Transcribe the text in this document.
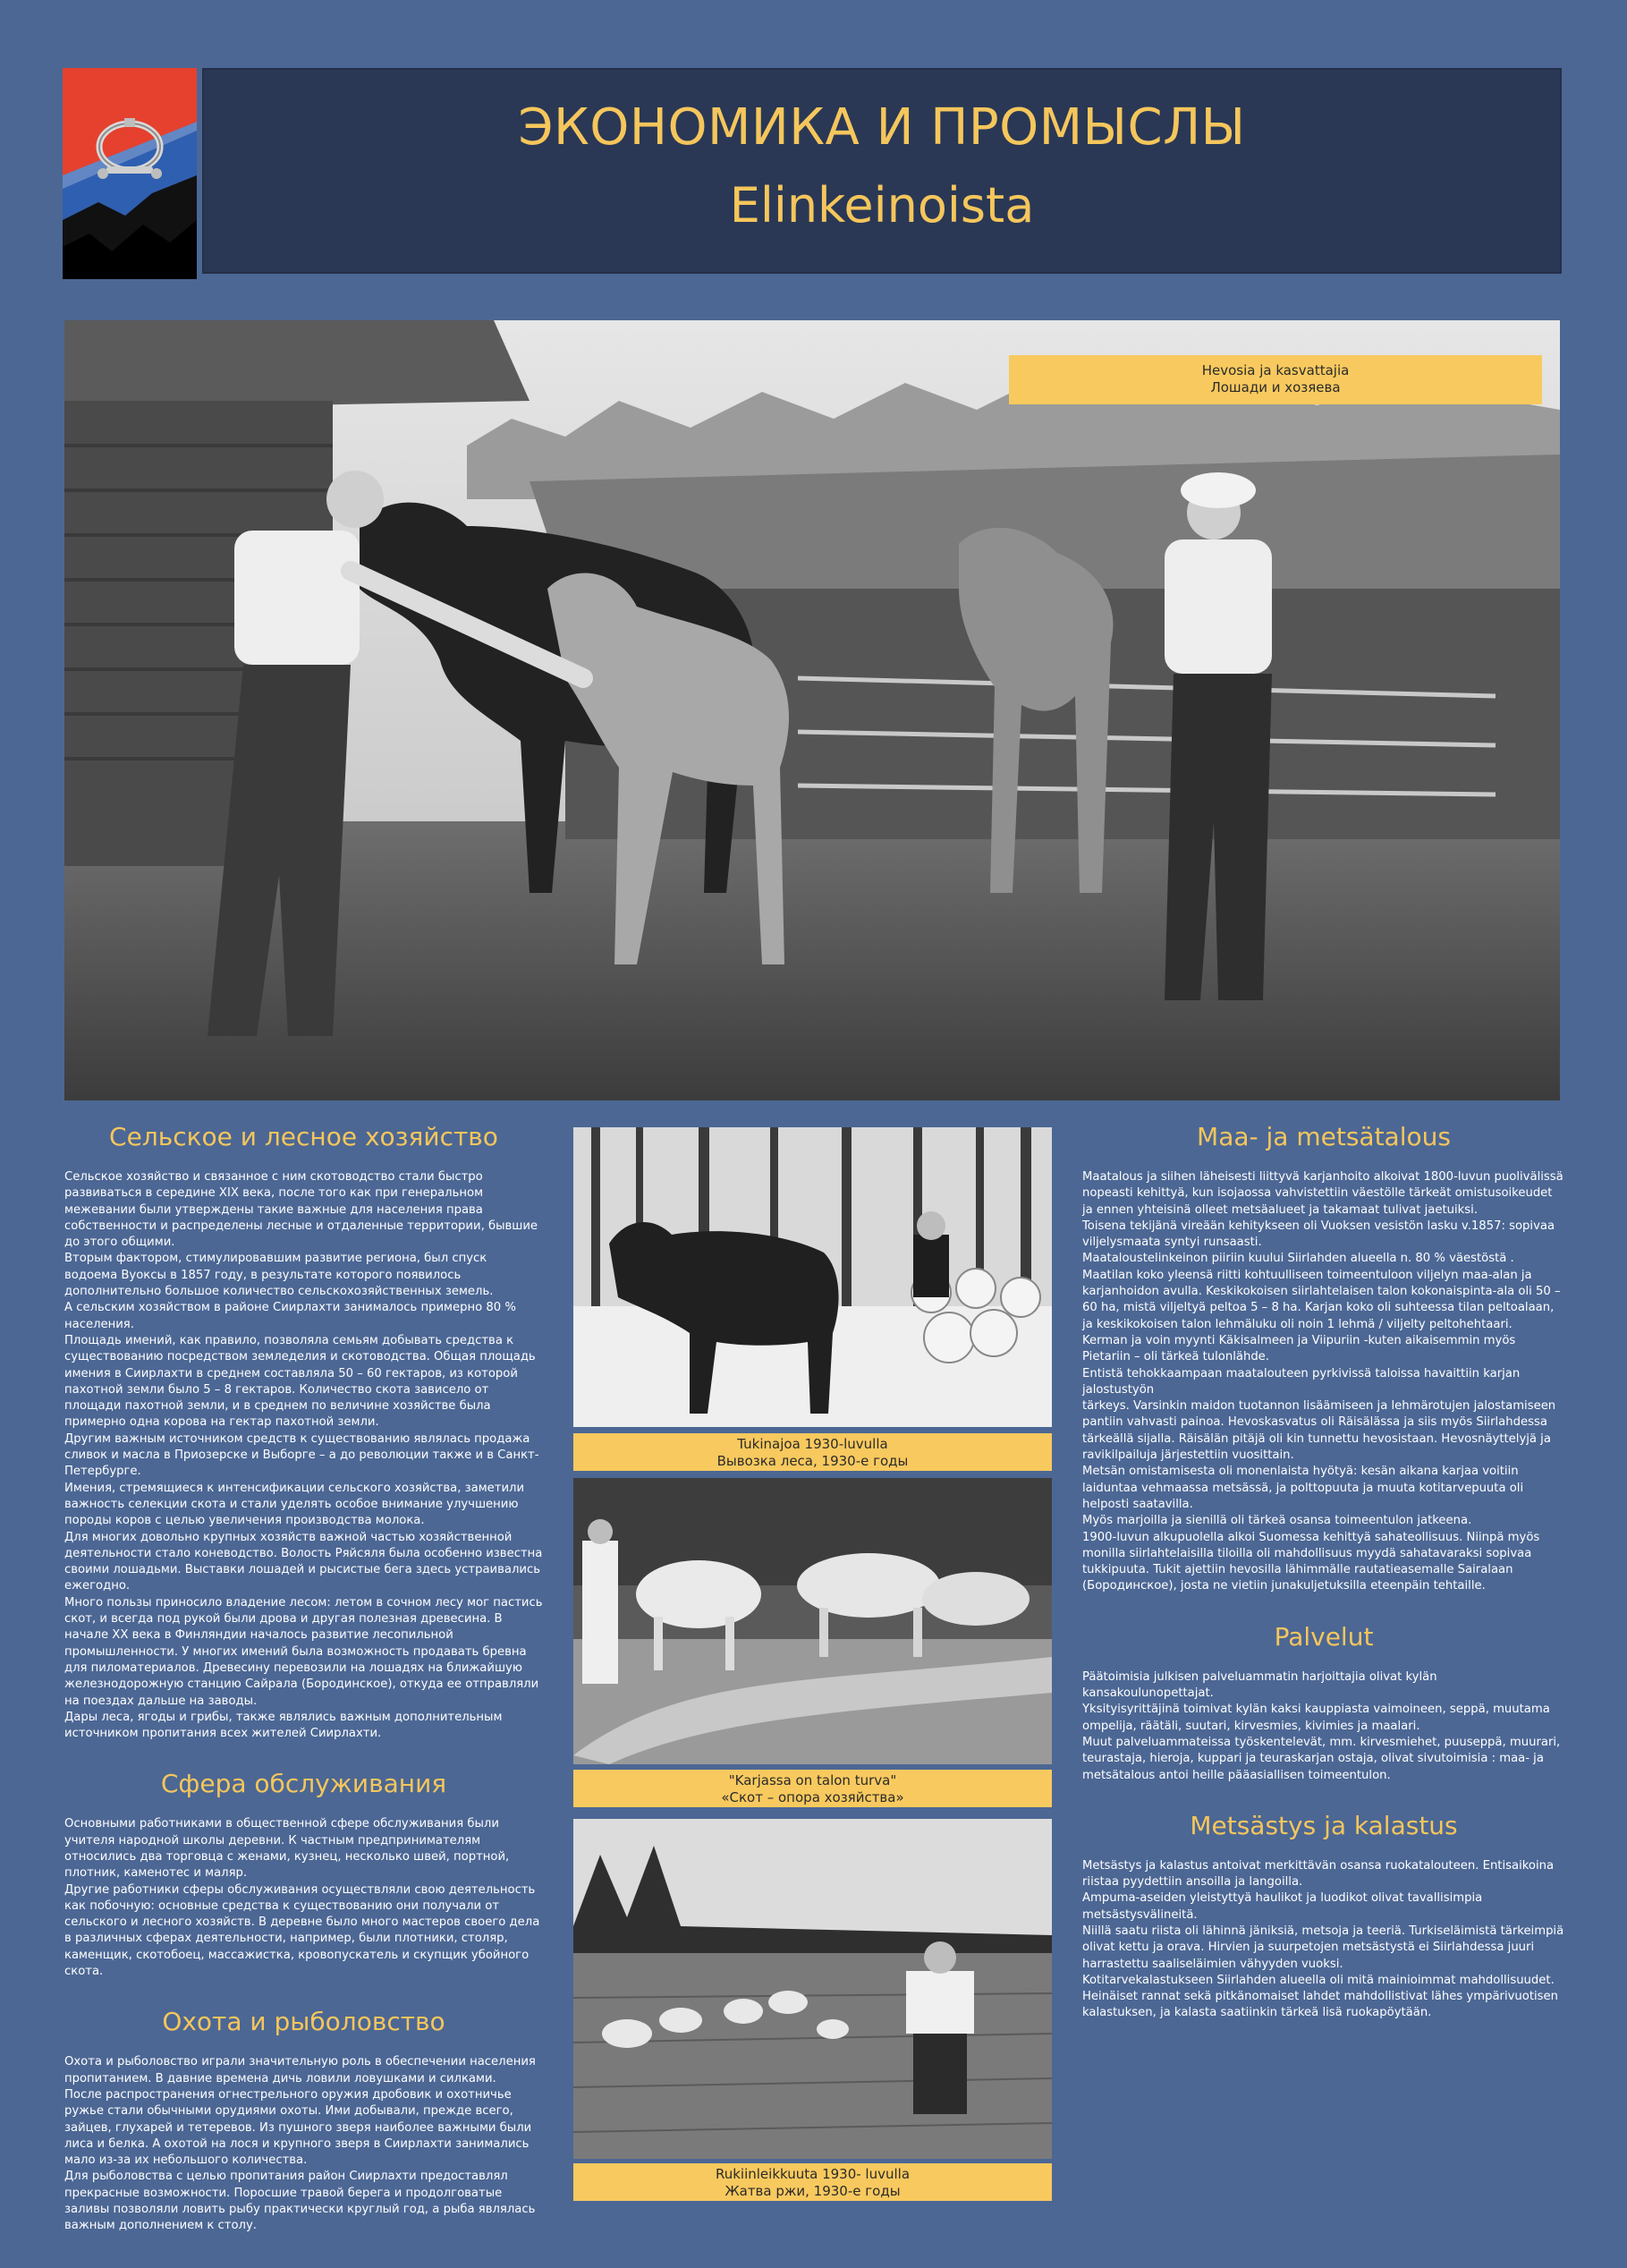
ЭКОНОМИКА И ПРОМЫСЛЫ
Elinkeinoista
Hevosia ja kasvattajia
Лошади и хозяева
Tukinajoa 1930-luvulla
Вывозка леса, 1930-е годы
"Karjassa on talon turva"
«Скот – опора хозяйства»
Rukiinleikkuuta 1930- luvulla
Жатва ржи, 1930-е годы
Сельское и лесное хозяйство
Сельское хозяйство и связанное с ним скотоводство стали быстро развиваться в середине XIX века, после того как при генеральном межевании были утверждены такие важные для населения права собственности и распределены лесные и отдаленные территории, бывшие до этого общими.
Вторым фактором, стимулировавшим развитие региона, был спуск водоема Вуоксы в 1857 году, в результате которого появилось дополнительно большое количество сельскохозяйственных земель.
А сельским хозяйством в районе Сиирлахти занималось примерно 80 % населения.
Площадь имений, как правило, позволяла семьям добывать средства к существованию посредством земледелия и скотоводства. Общая площадь имения в Сиирлахти в среднем составляла 50 – 60 гектаров, из которой пахотной земли было 5 – 8 гектаров. Количество скота зависело от площади пахотной земли, и в среднем по величине хозяйстве была примерно одна корова на гектар пахотной земли.
Другим важным источником средств к существованию являлась продажа сливок и масла в Приозерске и Выборге – а до революции также и в Санкт-Петербурге.
Имения, стремящиеся к интенсификации сельского хозяйства, заметили важность селекции скота и стали уделять особое внимание улучшению породы коров с целью увеличения производства молока.
Для многих довольно крупных хозяйств важной частью хозяйственной деятельности стало коневодство. Волость Ряйсяля была особенно известна своими лошадьми. Выставки лошадей и рысистые бега здесь устраивались ежегодно.
Много пользы приносило владение лесом: летом в сочном лесу мог пастись скот, и всегда под рукой были дрова и другая полезная древесина. В начале XX века в Финляндии началось развитие лесопильной промышленности. У многих имений была возможность продавать бревна для пиломатериалов. Древесину перевозили на лошадях на ближайшую железнодорожную станцию Сайрала (Бородинское), откуда ее отправляли на поездах дальше на заводы.
Дары леса, ягоды и грибы, также являлись важным дополнительным источником пропитания всех жителей Сиирлахти.
Сфера обслуживания
Основными работниками в общественной сфере обслуживания были учителя народной школы деревни. К частным предпринимателям относились два торговца с женами, кузнец, несколько швей, портной, плотник, каменотес и маляр.
Другие работники сферы обслуживания осуществляли свою деятельность как побочную: основные средства к существованию они получали от сельского и лесного хозяйств. В деревне было много мастеров своего дела в различных сферах деятельности, например, были плотники, столяр, каменщик, скотобоец, массажистка, кровопускатель и скупщик убойного скота.
Охота и рыболовство
Охота и рыболовство играли значительную роль в обеспечении населения пропитанием. В давние времена дичь ловили ловушками и силками.
После распространения огнестрельного оружия дробовик и охотничье ружье стали обычными орудиями охоты. Ими добывали, прежде всего, зайцев, глухарей и тетеревов. Из пушного зверя наиболее важными были лиса и белка. А охотой на лося и крупного зверя в Сиирлахти занимались мало из-за их небольшого количества.
Для рыболовства с целью пропитания район Сиирлахти предоставлял прекрасные возможности. Поросшие травой берега и продолговатые заливы позволяли ловить рыбу практически круглый год, а рыба являлась важным дополнением к столу.
Maa- ja metsätalous
Maatalous ja siihen läheisesti liittyvä karjanhoito alkoivat 1800-luvun puolivälissä nopeasti kehittyä, kun isojaossa vahvistettiin väestölle tärkeät omistusoikeudet ja ennen yhteisinä olleet metsäalueet ja takamaat tulivat jaetuiksi.
Toisena tekijänä vireään kehitykseen oli Vuoksen vesistön lasku v.1857: sopivaa viljelysmaata syntyi runsaasti.
Maataloustelinkeinon piiriin kuului Siirlahden alueella n. 80 % väestöstä .
Maatilan koko yleensä riitti kohtuulliseen toimeentuloon viljelyn maa-alan ja karjanhoidon avulla. Keskikokoisen siirlahtelaisen talon kokonaispinta-ala oli 50 – 60 ha, mistä viljeltyä peltoa 5 – 8 ha. Karjan koko oli suhteessa tilan peltoalaan, ja keskikokoisen talon lehmäluku oli noin 1 lehmä / viljelty peltohehtaari.
Kerman ja voin myynti Käkisalmeen ja Viipuriin -kuten aikaisemmin myös Pietariin – oli tärkeä tulonlähde.
Entistä tehokkaampaan maatalouteen pyrkivissä taloissa havaittiin karjan jalostustyön
tärkeys. Varsinkin maidon tuotannon lisäämiseen ja lehmärotujen jalostamiseen pantiin vahvasti painoa. Hevoskasvatus oli Räisälässa ja siis myös Siirlahdessa tärkeällä sijalla. Räisälän pitäjä oli kin tunnettu hevosistaan. Hevosnäyttelyjä ja ravikilpailuja järjestettiin vuosittain.
Metsän omistamisesta oli monenlaista hyötyä: kesän aikana karjaa voitiin laiduntaa vehmaassa metsässä, ja polttopuuta ja muuta kotitarvepuuta oli helposti saatavilla.
Myös marjoilla ja sienillä oli tärkeä osansa toimeentulon jatkeena.
1900-luvun alkupuolella alkoi Suomessa kehittyä sahateollisuus. Niinpä myös monilla siirlahtelaisilla tiloilla oli mahdollisuus myydä sahatavaraksi sopivaa tukkipuuta. Tukit ajettiin hevosilla lähimmälle rautatieasemalle Sairalaan (Бородинское), josta ne vietiin junakuljetuksilla eteenpäin tehtaille.
Palvelut
Päätoimisia julkisen palveluammatin harjoittajia olivat kylän kansakoulunopettajat.
Yksityisyrittäjinä toimivat kylän kaksi kauppiasta vaimoineen, seppä, muutama ompelija, räätäli, suutari, kirvesmies, kivimies ja maalari.
Muut palveluammateissa työskentelevät, mm. kirvesmiehet, puuseppä, muurari, teurastaja, hieroja, kuppari ja teuraskarjan ostaja, olivat sivutoimisia : maa- ja metsätalous antoi heille pääasiallisen toimeentulon.
Metsästys ja kalastus
Metsästys ja kalastus antoivat merkittävän osansa ruokatalouteen. Entisaikoina riistaa pyydettiin ansoilla ja langoilla.
Ampuma-aseiden yleistyttyä haulikot ja luodikot olivat tavallisimpia metsästysvälineitä.
Niillä saatu riista oli lähinnä jäniksiä, metsoja ja teeriä. Turkiseläimistä tärkeimpiä olivat kettu ja orava. Hirvien ja suurpetojen metsästystä ei Siirlahdessa juuri harrastettu saaliseläimien vähyyden vuoksi.
Kotitarvekalastukseen Siirlahden alueella oli mitä mainioimmat mahdollisuudet. Heinäiset rannat sekä pitkänomaiset lahdet mahdollistivat lähes ympärivuotisen kalastuksen, ja kalasta saatiinkin tärkeä lisä ruokapöytään.
